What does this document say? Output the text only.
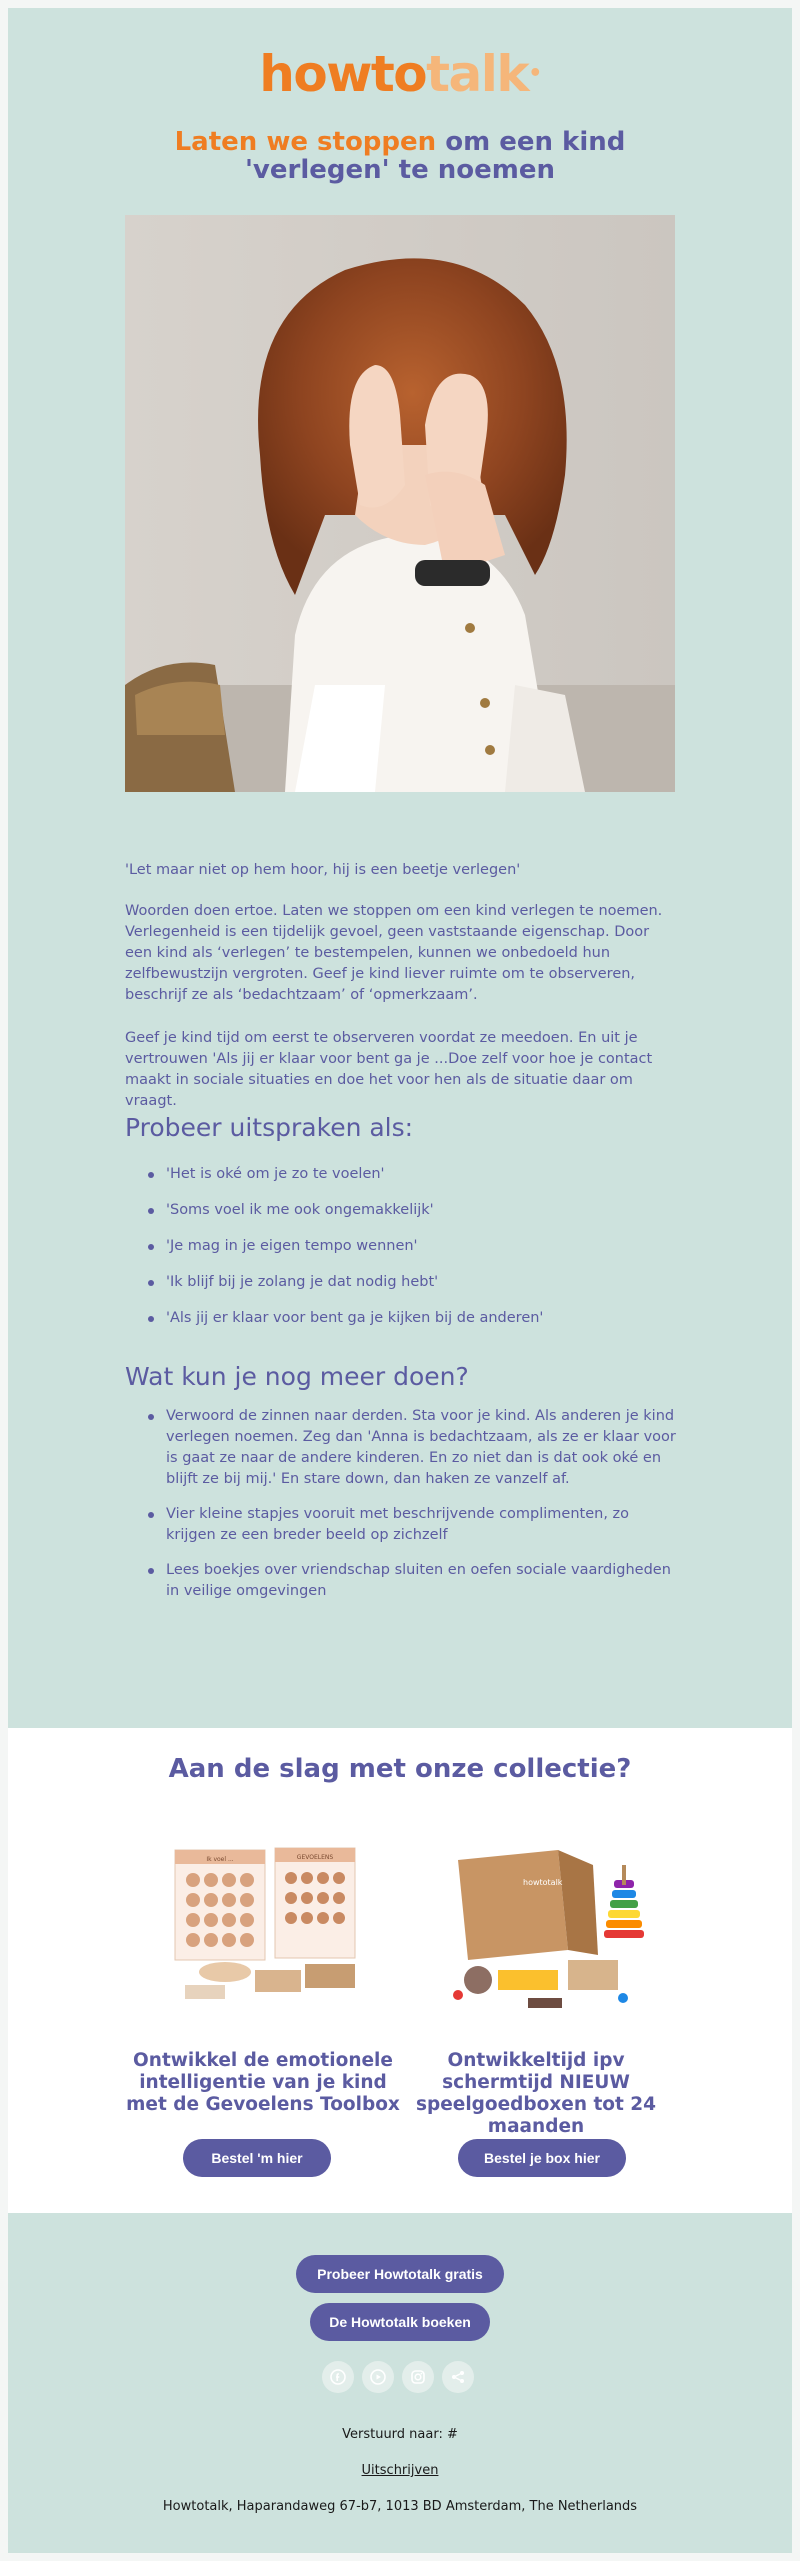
howtotalk•
Laten we stoppen om een kind 'verlegen' te noemen

'Let maar niet op hem hoor, hij is een beetje verlegen'

Woorden doen ertoe. Laten we stoppen om een kind verlegen te noemen. Verlegenheid is een tijdelijk gevoel, geen vaststaande eigenschap. Door een kind als ‘verlegen’ te bestempelen, kunnen we onbedoeld hun zelfbewustzijn vergroten. Geef je kind liever ruimte om te observeren, beschrijf ze als ‘bedachtzaam’ of ‘opmerkzaam’.

Geef je kind tijd om eerst te observeren voordat ze meedoen. En uit je vertrouwen 'Als jij er klaar voor bent ga je ...Doe zelf voor hoe je contact maakt in sociale situaties en doe het voor hen als de situatie daar om vraagt.

Probeer uitspraken als:
'Het is oké om je zo te voelen'
'Soms voel ik me ook ongemakkelijk'
'Je mag in je eigen tempo wennen'
'Ik blijf bij je zolang je dat nodig hebt'
'Als jij er klaar voor bent ga je kijken bij de anderen'
Wat kun je nog meer doen?
Verwoord de zinnen naar derden. Sta voor je kind. Als anderen je kind verlegen noemen. Zeg dan 'Anna is bedachtzaam, als ze er klaar voor is gaat ze naar de andere kinderen. En zo niet dan is dat ook oké en blijft ze bij mij.' En stare down, dan haken ze vanzelf af.
Vier kleine stapjes vooruit met beschrijvende complimenten, zo krijgen ze een breder beeld op zichzelf
Lees boekjes over vriendschap sluiten en oefen sociale vaardigheden in veilige omgevingen
Aan de slag met onze collectie?
Ik voel ...	GEVOELENS
howtotalk
Ontwikkel de emotionele intelligentie van je kind met de Gevoelens Toolbox
Ontwikkeltijd ipv schermtijd NIEUW speelgoedboxen tot 24 maanden
Bestel 'm hier	Bestel je box hier
Probeer Howtotalk gratis
De Howtotalk boeken
Verstuurd naar: #
Uitschrijven
Howtotalk, Haparandaweg 67-b7, 1013 BD Amsterdam, The Netherlands
